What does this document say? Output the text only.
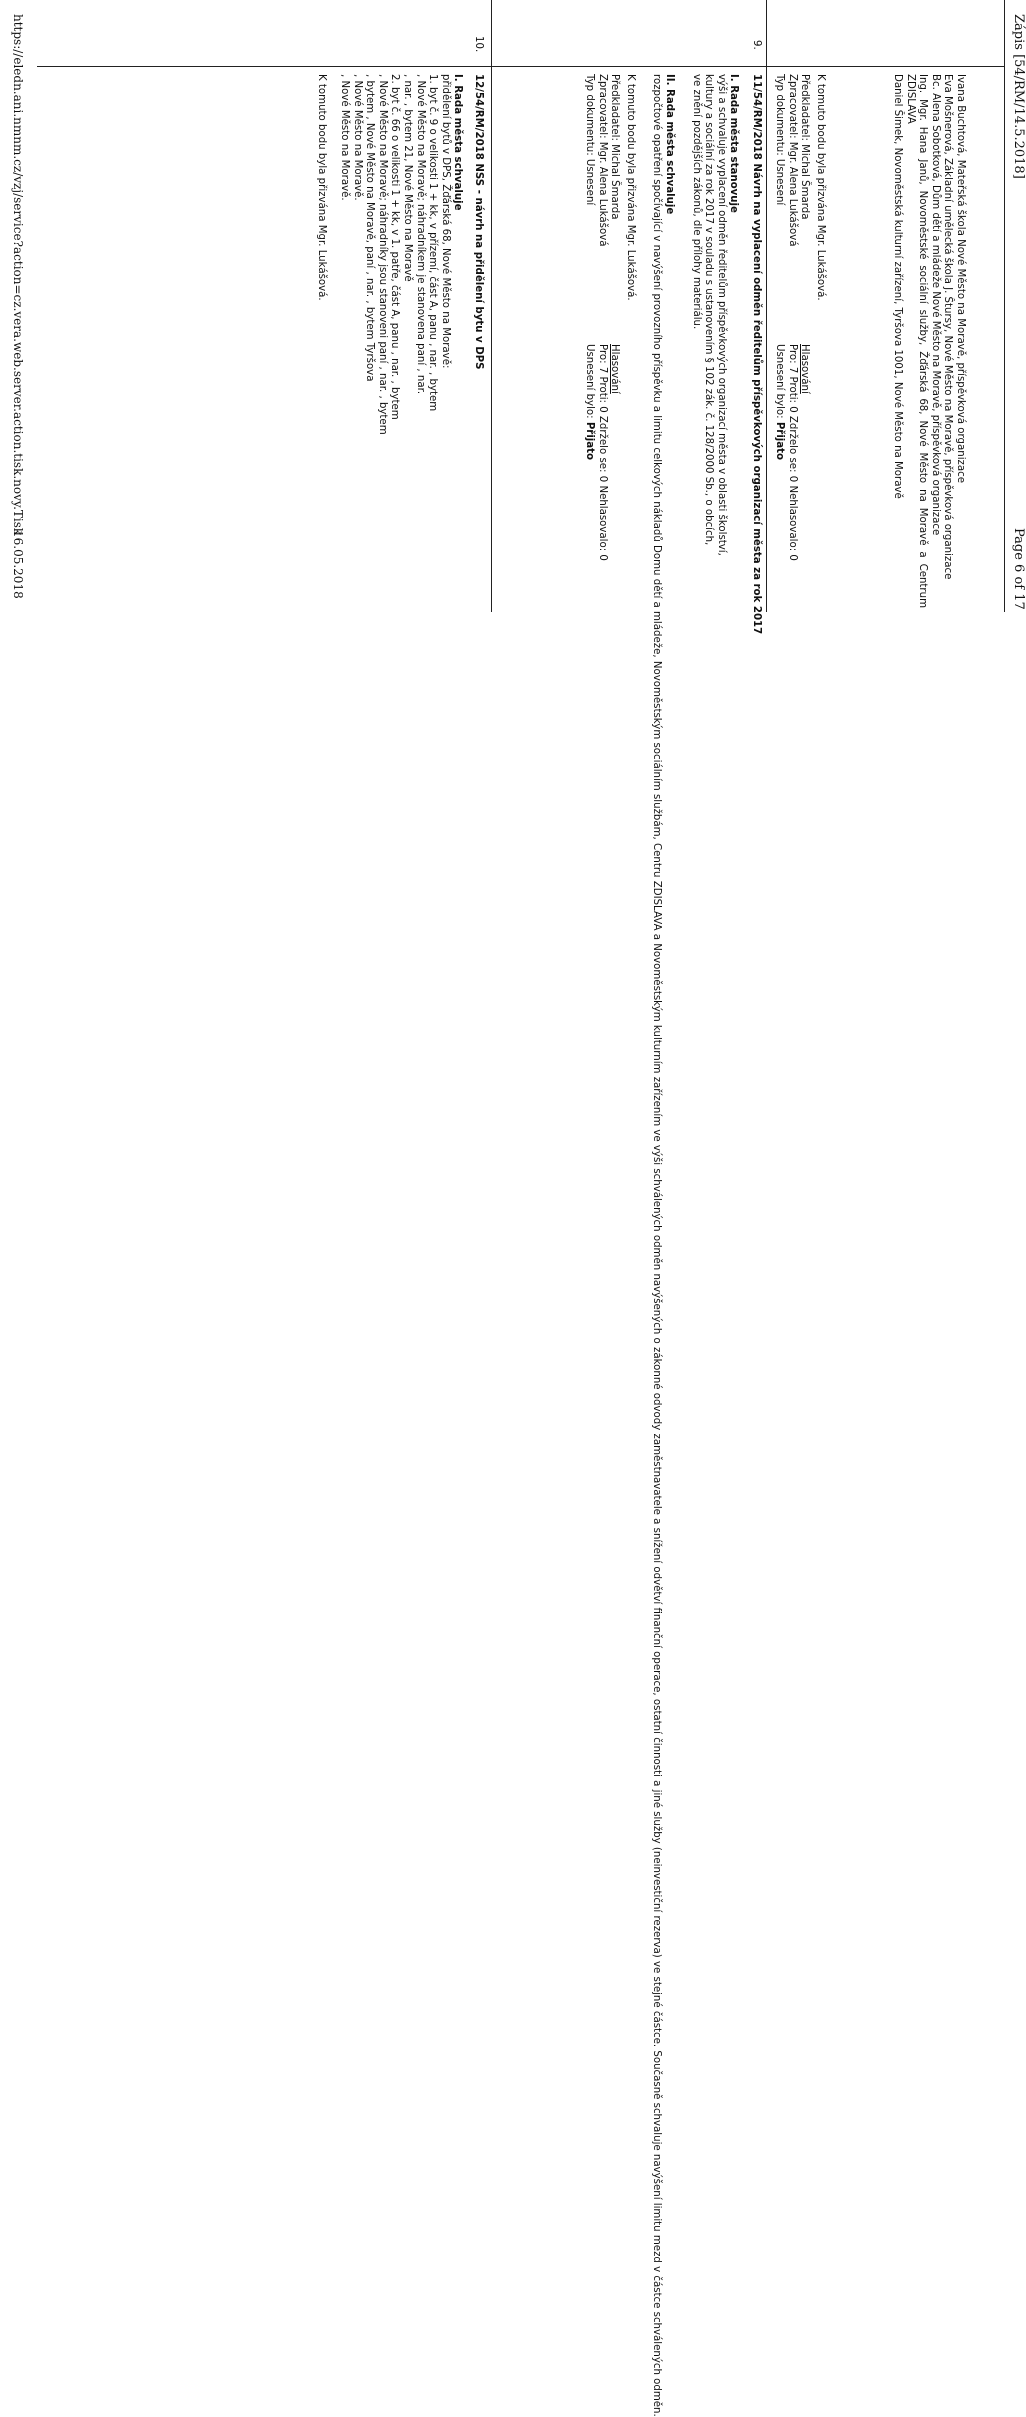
Zápis [54/RM/14.5.2018]
Page 6 of 17

Ivana Buchtová, Mateřská škola Nové Město na Moravě, příspěvková organizace

Eva Mošnerová, Základní umělecká škola J. Ŝtursy, Nové Město na Moravě, příspěvková organizace

Bc. Alena Sobotková, Dům dětí a mládeže Nové Město na Moravě, příspěvková organizace

Ing. Mgr. Hana Janů, Novoměstské sociální služby, Žďárská 68, Nové Město na Moravě a Centrum ZDISLAVA

Daniel Šimek, Novoměstská kulturní zařízení, Tyršova 1001, Nové Město na Moravě

K tomuto bodu byla přizvána Mgr. Lukášová.

Předkladatel: Michal Šmarda
Zpracovatel: Mgr. Alena Lukášová
Typ dokumentu: Usnesení
Hlasování
Pro: 7 Proti: 0 Zdrželo se: 0 Nehlasovalo: 0
Usnesení bylo: Přijato
9.

11/54/RM/2018 Návrh na vyplacení odměn ředitelům příspěvkových organizací města za rok 2017

I. Rada města stanovuje

výši a schvaluje vyplacení odměn ředitelům příspěvkových organizací města v oblasti školství,
kultury a sociální za rok 2017 v souladu s ustanovením § 102 zák. č. 128/2000 Sb., o obcích,
ve znění pozdějších zákonů, dle přílohy materiálu.

II. Rada města schvaluje

rozpočtové opatření spočívající v navýšení provozního příspěvku a limitu celkových nákladů Domu dětí a mládeže, Novoměstským sociálním službám, Centru ZDISLAVA a Novoměstským kulturním zařízením ve výši schválených odměn navýšených o zákonné odvody zaměstnavatele a snížení odvětví finanční operace, ostatní činnosti a jiné služby (neinvestiční rezerva) ve stejné částce. Současně schvaluje navýšení limitu mezd v částce schválených odměn.

K tomuto bodu byla přizvána Mgr. Lukášová.

Předkladatel: Michal Šmarda
Zpracovatel: Mgr. Alena Lukášová
Typ dokumentu: Usnesení
Hlasování
Pro: 7 Proti: 0 Zdrželo se: 0 Nehlasovalo: 0
Usnesení bylo: Přijato
10.

12/54/RM/2018 NSS - návrh na přidělení bytu v DPS

I. Rada města schvaluje

přidělení bytů v DPS, Žďárská 68, Nové Město na Moravě:
1. byt č. 9 o velikosti 1 + kk, v přízemí, část A, panu , nar. , bytem
, Nové Město na Moravě; náhradníkem je stanovena paní , nar.
, nar. , bytem 21, Nové Město na Moravě
2. byt č. 66 o velikosti 1 + kk, v 1. patře, část A, panu , nar. , bytem
, Nové Město na Moravě; náhradníky jsou stanoveni paní , nar. , bytem
, bytem , Nové Město na Moravě, paní , nar. , bytem Tyršova
, Nové Město na Moravě.
, Nové Město na Moravě.

K tomuto bodu byla přizvána Mgr. Lukášová.

https://eledn.ani.nmnm.cz/vzj/service?action=cz.vera.web.server.action.tisk.novy.Tisk
16.05.2018
